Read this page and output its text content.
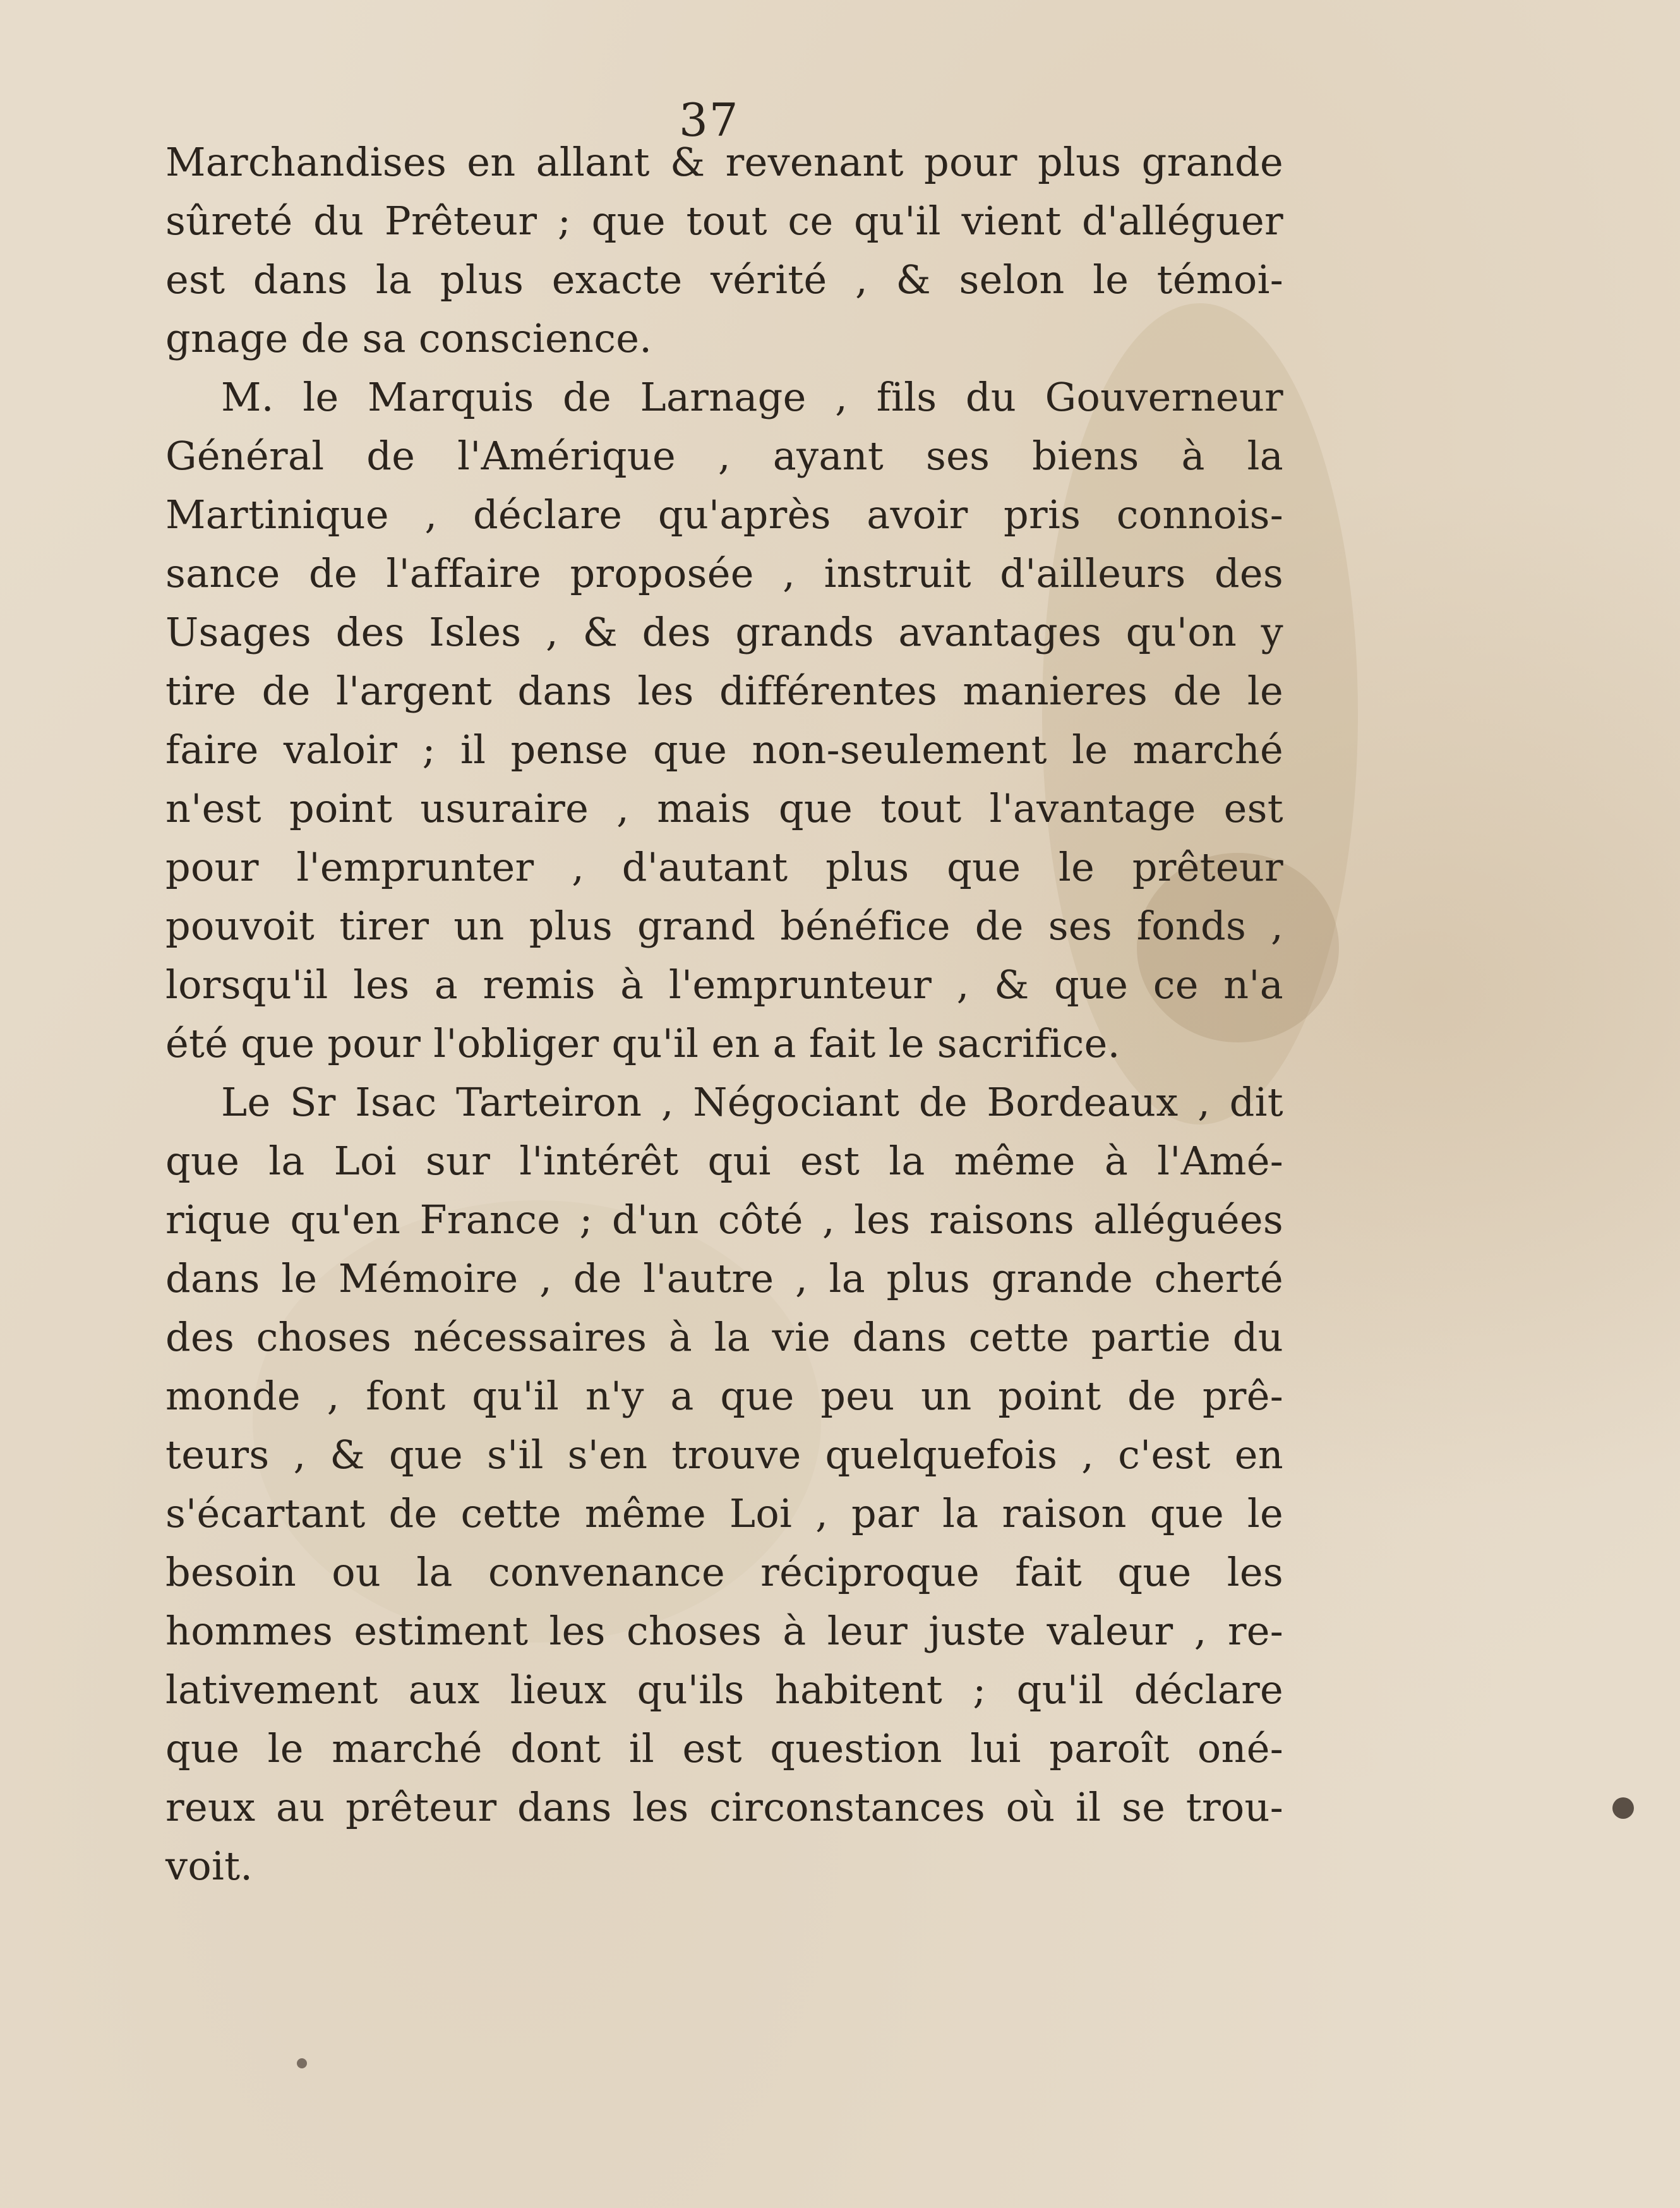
37
Marchandises en allant & revenant pour plus grande
sûreté du Prêteur ; que tout ce qu'il vient d'alléguer
est dans la plus exacte vérité , & selon le témoi-
gnage de sa conscience.
M. le Marquis de Larnage , fils du Gouverneur
Général de l'Amérique , ayant ses biens à la
Martinique , déclare qu'après avoir pris connois-
sance de l'affaire proposée , instruit d'ailleurs des
Usages des Isles , & des grands avantages qu'on y
tire de l'argent dans les différentes manieres de le
faire valoir ; il pense que non-seulement le marché
n'est point usuraire , mais que tout l'avantage est
pour l'emprunter , d'autant plus que le prêteur
pouvoit tirer un plus grand bénéfice de ses fonds ,
lorsqu'il les a remis à l'emprunteur , & que ce n'a
été que pour l'obliger qu'il en a fait le sacrifice.
Le Sr Isac Tarteiron , Négociant de Bordeaux , dit
que la Loi sur l'intérêt qui est la même à l'Amé-
rique qu'en France ; d'un côté , les raisons alléguées
dans le Mémoire , de l'autre , la plus grande cherté
des choses nécessaires à la vie dans cette partie du
monde , font qu'il n'y a que peu un point de prê-
teurs , & que s'il s'en trouve quelquefois , c'est en
s'écartant de cette même Loi , par la raison que le
besoin ou la convenance réciproque fait que les
hommes estiment les choses à leur juste valeur , re-
lativement aux lieux qu'ils habitent ; qu'il déclare
que le marché dont il est question lui paroît oné-
reux au prêteur dans les circonstances où il se trou-
voit.
